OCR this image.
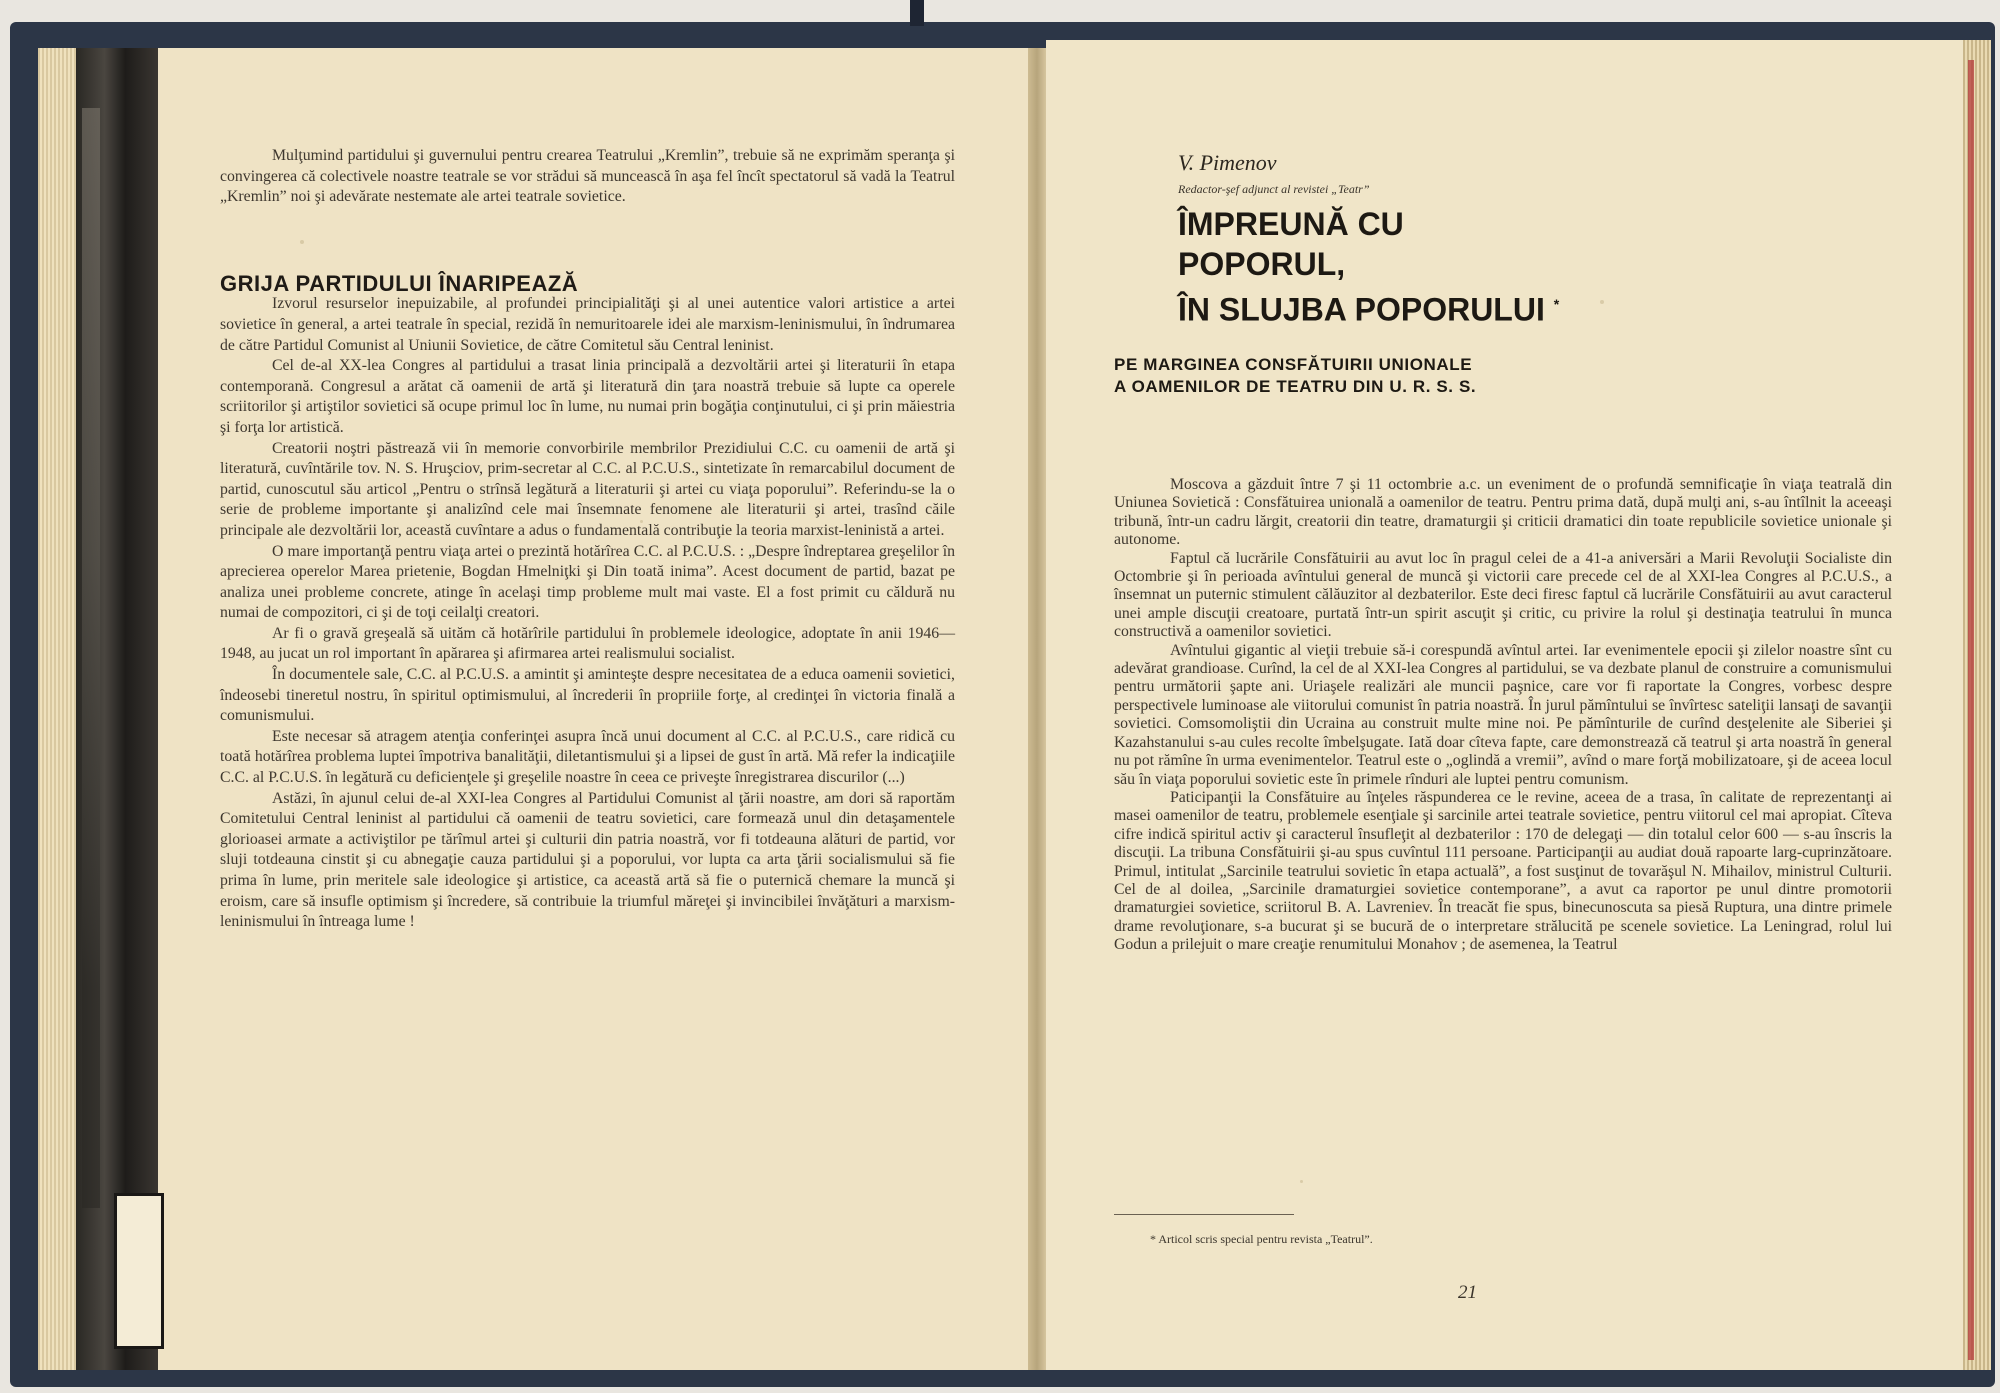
Mulţumind partidului şi guvernului pentru crearea Teatrului „Kremlin”, trebuie să ne exprimăm speranţa şi convingerea că colectivele noastre teatrale se vor strădui să muncească în aşa fel încît spectatorul să vadă la Teatrul „Kremlin” noi şi adevărate nestemate ale artei teatrale sovietice.

GRIJA PARTIDULUI ÎNARIPEAZĂ

Izvorul resurselor inepuizabile, al profundei principialităţi şi al unei autentice valori artistice a artei sovietice în general, a artei teatrale în special, rezidă în nemuritoarele idei ale marxism-leninismului, în îndrumarea de către Partidul Comunist al Uniunii Sovietice, de către Comitetul său Central leninist.

Cel de-al XX-lea Congres al partidului a trasat linia principală a dezvoltării artei şi literaturii în etapa contemporană. Congresul a arătat că oamenii de artă şi literatură din ţara noastră trebuie să lupte ca operele scriitorilor şi artiştilor sovietici să ocupe primul loc în lume, nu numai prin bogăţia conţinutului, ci şi prin măiestria şi forţa lor artistică.

Creatorii noştri păstrează vii în memorie convorbirile membrilor Prezidiului C.C. cu oamenii de artă şi literatură, cuvîntările tov. N. S. Hruşciov, prim-secretar al C.C. al P.C.U.S., sintetizate în remarcabilul document de partid, cunoscutul său articol „Pentru o strînsă legătură a literaturii şi artei cu viaţa poporului”. Referindu-se la o serie de probleme importante şi analizînd cele mai însemnate fenomene ale literaturii şi artei, trasînd căile principale ale dezvoltării lor, această cuvîntare a adus o fundamentală contribuţie la teoria marxist-leninistă a artei.

O mare importanţă pentru viaţa artei o prezintă hotărîrea C.C. al P.C.U.S. : „Despre îndreptarea greşelilor în aprecierea operelor Marea prietenie, Bogdan Hmelniţki şi Din toată inima”. Acest document de partid, bazat pe analiza unei probleme concrete, atinge în acelaşi timp probleme mult mai vaste. El a fost primit cu căldură nu numai de compozitori, ci şi de toţi ceilalţi creatori.

Ar fi o gravă greşeală să uităm că hotărîrile partidului în problemele ideologice, adoptate în anii 1946—1948, au jucat un rol important în apărarea şi afirmarea artei realismului socialist.

În documentele sale, C.C. al P.C.U.S. a amintit şi aminteşte despre necesitatea de a educa oamenii sovietici, îndeosebi tineretul nostru, în spiritul optimismului, al încrederii în propriile forţe, al credinţei în victoria finală a comunismului.

Este necesar să atragem atenţia conferinţei asupra încă unui document al C.C. al P.C.U.S., care ridică cu toată hotărîrea problema luptei împotriva banalităţii, diletantismului şi a lipsei de gust în artă. Mă refer la indicaţiile C.C. al P.C.U.S. în legătură cu deficienţele şi greşelile noastre în ceea ce priveşte înregistrarea discurilor (...)

Astăzi, în ajunul celui de-al XXI-lea Congres al Partidului Comunist al ţării noastre, am dori să raportăm Comitetului Central leninist al partidului că oamenii de teatru sovietici, care formează unul din detaşamentele glorioasei armate a activiştilor pe tărîmul artei şi culturii din patria noastră, vor fi totdeauna alături de partid, vor sluji totdeauna cinstit şi cu abnegaţie cauza partidului şi a poporului, vor lupta ca arta ţării socialismului să fie prima în lume, prin meritele sale ideologice şi artistice, ca această artă să fie o puternică chemare la muncă şi eroism, care să insufle optimism şi încredere, să contribuie la triumful măreţei şi invincibilei învăţături a marxism-leninismului în întreaga lume !

V. Pimenov

Redactor-şef adjunct al revistei „Teatr”

ÎMPREUNĂ CU POPORUL,
ÎN SLUJBA POPORULUI *
PE MARGINEA CONSFĂTUIRII UNIONALE
A OAMENILOR DE TEATRU DIN U. R. S. S.

Moscova a găzduit între 7 şi 11 octombrie a.c. un eveniment de o profundă semnificaţie în viaţa teatrală din Uniunea Sovietică : Consfătuirea unională a oamenilor de teatru. Pentru prima dată, după mulţi ani, s-au întîlnit la aceeaşi tribună, într-un cadru lărgit, creatorii din teatre, dramaturgii şi criticii dramatici din toate republicile sovietice unionale şi autonome.

Faptul că lucrările Consfătuirii au avut loc în pragul celei de a 41-a aniversări a Marii Revoluţii Socialiste din Octombrie şi în perioada avîntului general de muncă şi victorii care precede cel de al XXI-lea Congres al P.C.U.S., a însemnat un puternic stimulent călăuzitor al dezbaterilor. Este deci firesc faptul că lucrările Consfătuirii au avut caracterul unei ample discuţii creatoare, purtată într-un spirit ascuţit şi critic, cu privire la rolul şi destinaţia teatrului în munca constructivă a oamenilor sovietici.

Avîntului gigantic al vieţii trebuie să-i corespundă avîntul artei. Iar evenimentele epocii şi zilelor noastre sînt cu adevărat grandioase. Curînd, la cel de al XXI-lea Congres al partidului, se va dezbate planul de construire a comunismului pentru următorii şapte ani. Uriaşele realizări ale muncii paşnice, care vor fi raportate la Congres, vorbesc despre perspectivele luminoase ale viitorului comunist în patria noastră. În jurul pămîntului se învîrtesc sateliţii lansaţi de savanţii sovietici. Comsomoliştii din Ucraina au construit multe mine noi. Pe pămînturile de curînd desţelenite ale Siberiei şi Kazahstanului s-au cules recolte îmbelşugate. Iată doar cîteva fapte, care demonstrează că teatrul şi arta noastră în general nu pot rămîne în urma evenimentelor. Teatrul este o „oglindă a vremii”, avînd o mare forţă mobilizatoare, şi de aceea locul său în viaţa poporului sovietic este în primele rînduri ale luptei pentru comunism.

Paticipanţii la Consfătuire au înţeles răspunderea ce le revine, aceea de a trasa, în calitate de reprezentanţi ai masei oamenilor de teatru, problemele esenţiale şi sarcinile artei teatrale sovietice, pentru viitorul cel mai apropiat. Cîteva cifre indică spiritul activ şi caracterul însufleţit al dezbaterilor : 170 de delegaţi — din totalul celor 600 — s-au înscris la discuţii. La tribuna Consfătuirii şi-au spus cuvîntul 111 persoane. Participanţii au audiat două rapoarte larg-cuprinzătoare. Primul, intitulat „Sarcinile teatrului sovietic în etapa actuală”, a fost susţinut de tovarăşul N. Mihailov, ministrul Culturii. Cel de al doilea, „Sarcinile dramaturgiei sovietice contemporane”, a avut ca raportor pe unul dintre promotorii dramaturgiei sovietice, scriitorul B. A. Lavreniev. În treacăt fie spus, binecunoscuta sa piesă Ruptura, una dintre primele drame revoluţionare, s-a bucurat şi se bucură de o interpretare strălucită pe scenele sovietice. La Leningrad, rolul lui Godun a prilejuit o mare creaţie renumitului Monahov ; de asemenea, la Teatrul

* Articol scris special pentru revista „Teatrul”.

21
